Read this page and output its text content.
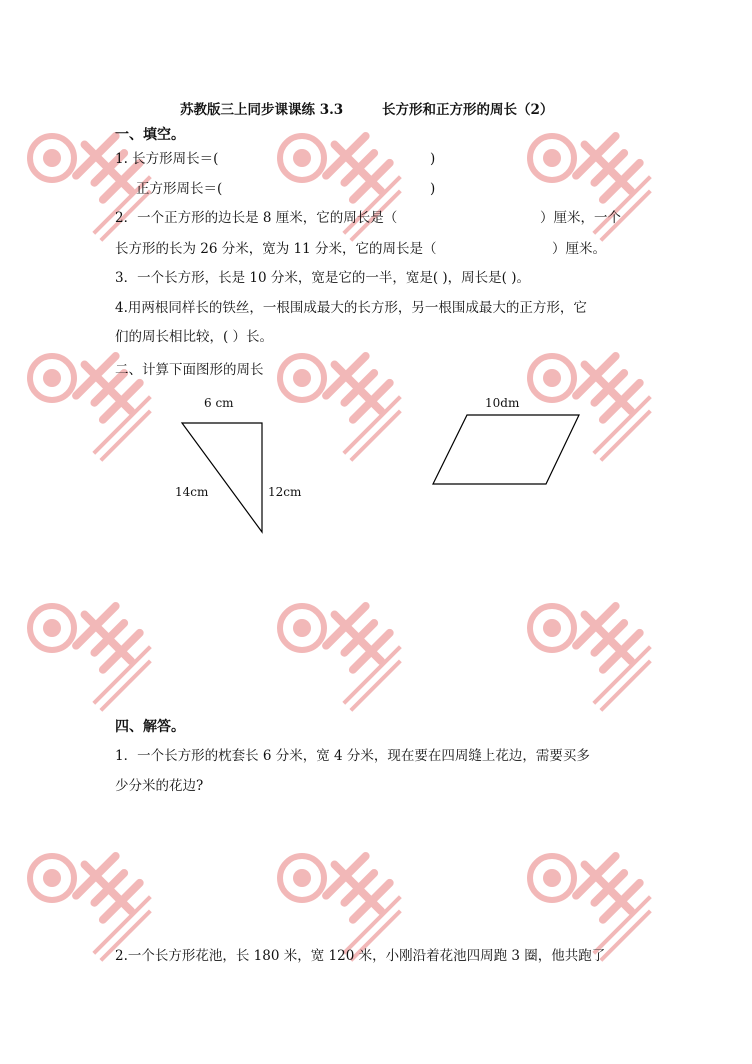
苏教版三上同步课课练 3.3	长方形和正方形的周长（2）
一、填空。
1. 长方形周长＝(	)
正方形周长＝(	)
2．一个正方形的边长是 8 厘米，它的周长是（	）厘米，一个
长方形的长为 26 分米，宽为 11 分米，它的周长是（	）厘米。
3．一个长方形，长是 10 分米，宽是它的一半，宽是( )，周长是( )。
4.用两根同样长的铁丝，一根围成最大的长方形，另一根围成最大的正方形，它
们的周长相比较，( ）长。
二、计算下面图形的周长
6 cm
14cm	12cm
10dm
四、解答。
1．一个长方形的枕套长 6 分米，宽 4 分米，现在要在四周缝上花边，需要买多
少分米的花边?
2.一个长方形花池，长 180 米，宽 120 米，小刚沿着花池四周跑 3 圈，他共跑了
